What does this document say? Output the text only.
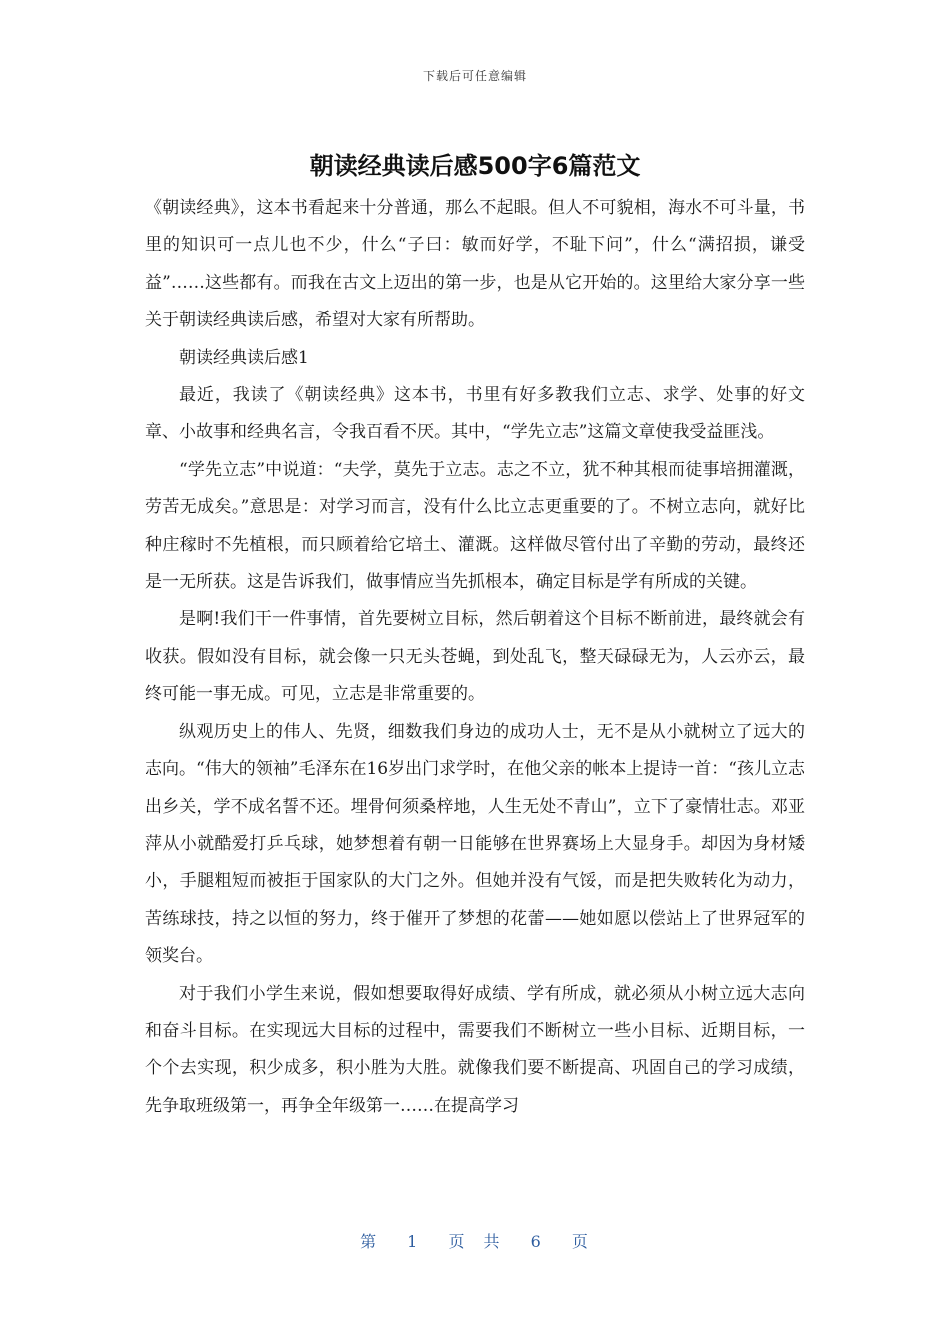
下载后可任意编辑
朝读经典读后感500字6篇范文

《朝读经典》，这本书看起来十分普通，那么不起眼。但人不可貌相，海水不可斗量，书里的知识可一点儿也不少，什么“子曰：敏而好学，不耻下问”，什么“满招损，谦受益”……这些都有。而我在古文上迈出的第一步，也是从它开始的。这里给大家分享一些关于朝读经典读后感，希望对大家有所帮助。

朝读经典读后感1

最近，我读了《朝读经典》这本书，书里有好多教我们立志、求学、处事的好文章、小故事和经典名言，令我百看不厌。其中，“学先立志”这篇文章使我受益匪浅。

“学先立志”中说道：“夫学，莫先于立志。志之不立，犹不种其根而徒事培拥灌溉，劳苦无成矣。”意思是：对学习而言，没有什么比立志更重要的了。不树立志向，就好比种庄稼时不先植根，而只顾着给它培土、灌溉。这样做尽管付出了辛勤的劳动，最终还是一无所获。这是告诉我们，做事情应当先抓根本，确定目标是学有所成的关键。

是啊!我们干一件事情，首先要树立目标，然后朝着这个目标不断前进，最终就会有收获。假如没有目标，就会像一只无头苍蝇，到处乱飞，整天碌碌无为，人云亦云，最终可能一事无成。可见，立志是非常重要的。

纵观历史上的伟人、先贤，细数我们身边的成功人士，无不是从小就树立了远大的志向。“伟大的领袖”毛泽东在16岁出门求学时，在他父亲的帐本上提诗一首：“孩儿立志出乡关，学不成名誓不还。埋骨何须桑梓地，人生无处不青山”，立下了豪情壮志。邓亚萍从小就酷爱打乒乓球，她梦想着有朝一日能够在世界赛场上大显身手。却因为身材矮小，手腿粗短而被拒于国家队的大门之外。但她并没有气馁，而是把失败转化为动力，苦练球技，持之以恒的努力，终于催开了梦想的花蕾——她如愿以偿站上了世界冠军的领奖台。

对于我们小学生来说，假如想要取得好成绩、学有所成，就必须从小树立远大志向和奋斗目标。在实现远大目标的过程中，需要我们不断树立一些小目标、近期目标，一个个去实现，积少成多，积小胜为大胜。就像我们要不断提高、巩固自己的学习成绩，先争取班级第一，再争全年级第一……在提高学习

第 1 页 共 6 页
